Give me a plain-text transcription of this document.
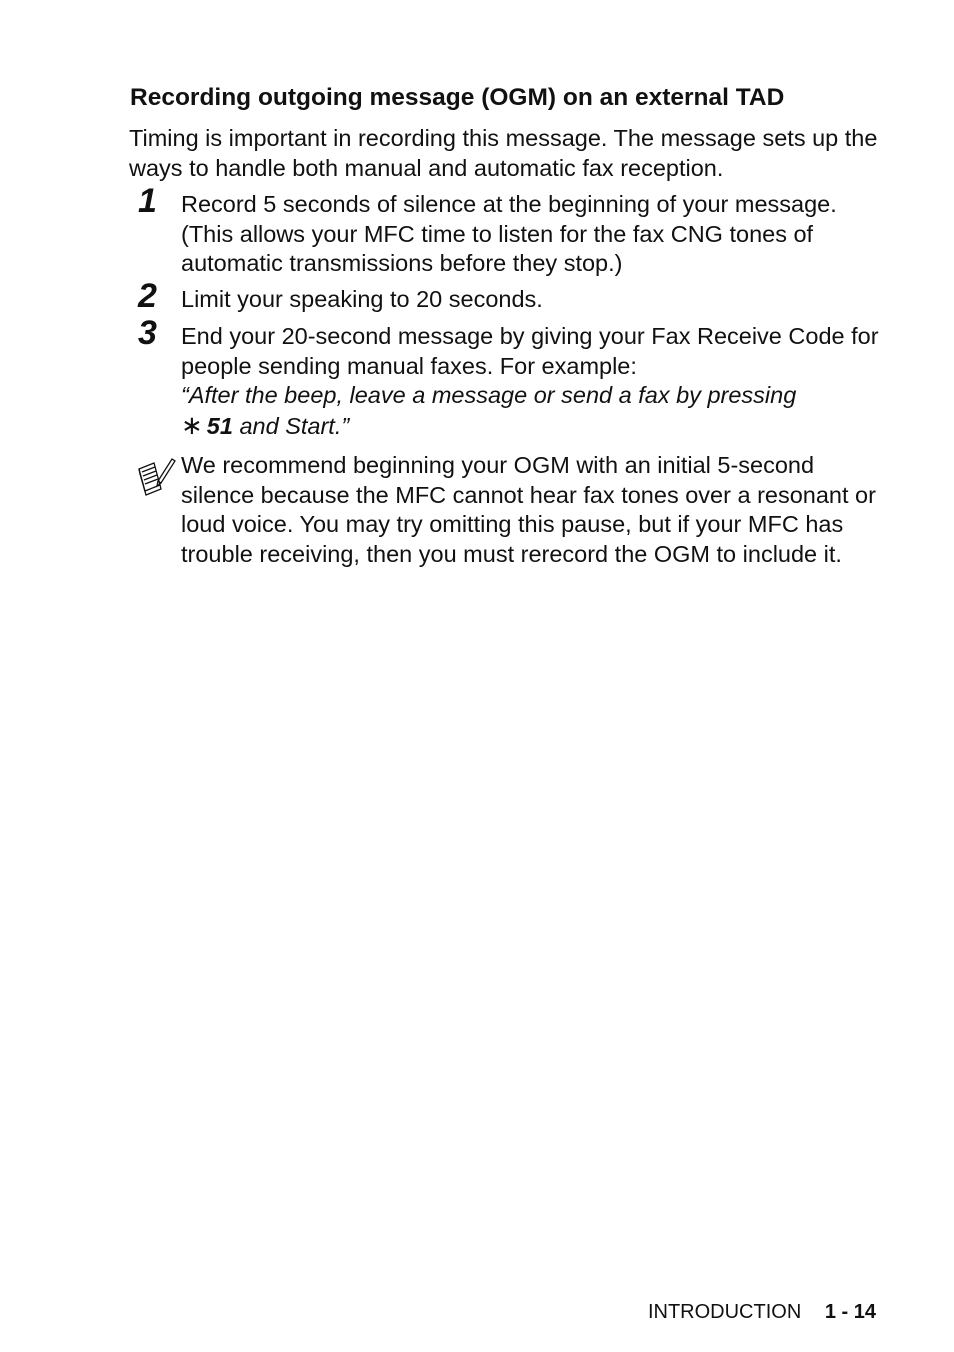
Recording outgoing message (OGM) on an external TAD

Timing is important in recording this message. The message sets up the ways to handle both manual and automatic fax reception.

1 Record 5 seconds of silence at the beginning of your message. (This allows your MFC time to listen for the fax CNG tones of automatic transmissions before they stop.)

2 Limit your speaking to 20 seconds.

3 End your 20-second message by giving your Fax Receive Code for people sending manual faxes. For example:
“After the beep, leave a message or send a fax by pressing
∗ 51 and Start.”

We recommend beginning your OGM with an initial 5-second silence because the MFC cannot hear fax tones over a resonant or loud voice. You may try omitting this pause, but if your MFC has trouble receiving, then you must rerecord the OGM to include it.

INTRODUCTION 1 - 14
